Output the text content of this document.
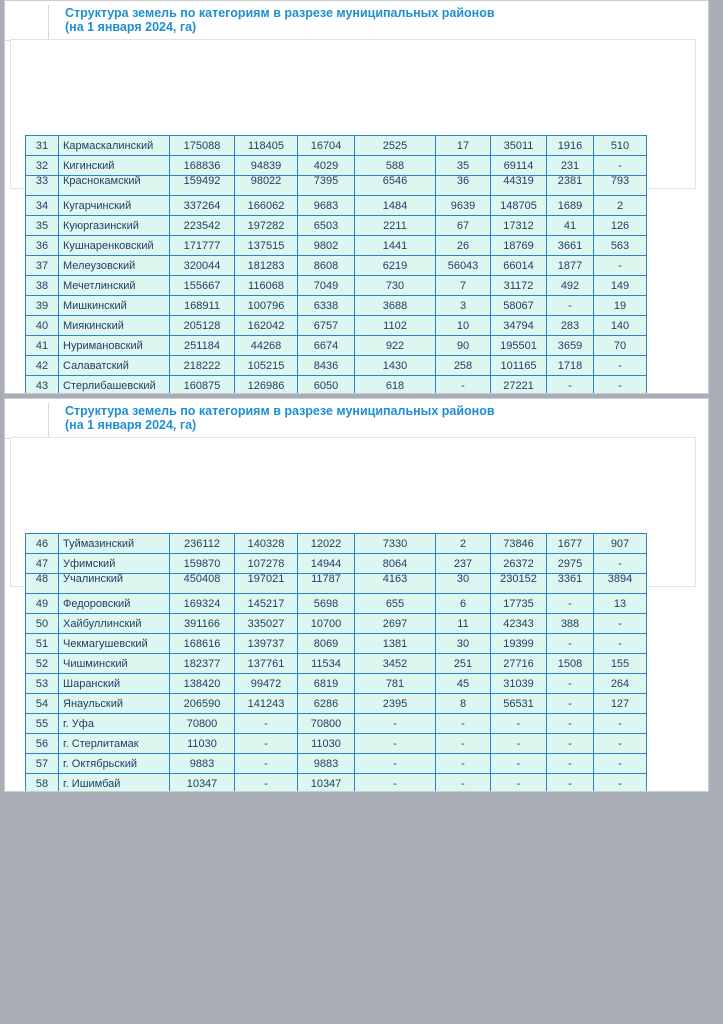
Структура земель по категориям в разрезе муниципальных районов
(на 1 января 2024, га)

31	Кармаскалинский	175088	118405	16704	2525	17	35011	1916	510
32	Кигинский	168836	94839	4029	588	35	69114	231	-
33	Краснокамский	159492	98022	7395	6546	36	44319	2381	793
34	Кугарчинский	337264	166062	9683	1484	9639	148705	1689	2
35	Куюргазинский	223542	197282	6503	2211	67	17312	41	126
36	Кушнаренковский	171777	137515	9802	1441	26	18769	3661	563
37	Мелеузовский	320044	181283	8608	6219	56043	66014	1877	-
38	Мечетлинский	155667	116068	7049	730	7	31172	492	149
39	Мишкинский	168911	100796	6338	3688	3	58067	-	19
40	Миякинский	205128	162042	6757	1102	10	34794	283	140
41	Нуримановский	251184	44268	6674	922	90	195501	3659	70
42	Салаватский	218222	105215	8436	1430	258	101165	1718	-
43	Стерлибашевский	160875	126986	6050	618	-	27221	-	-

Структура земель по категориям в разрезе муниципальных районов
(на 1 января 2024, га)

46	Туймазинский	236112	140328	12022	7330	2	73846	1677	907
47	Уфимский	159870	107278	14944	8064	237	26372	2975	-
48	Учалинский	450408	197021	11787	4163	30	230152	3361	3894
49	Федоровский	169324	145217	5698	655	6	17735	-	13
50	Хайбуллинский	391166	335027	10700	2697	11	42343	388	-
51	Чекмагушевский	168616	139737	8069	1381	30	19399	-	-
52	Чишминский	182377	137761	11534	3452	251	27716	1508	155
53	Шаранский	138420	99472	6819	781	45	31039	-	264
54	Янаульский	206590	141243	6286	2395	8	56531	-	127
55	г. Уфа	70800	-	70800	-	-	-	-	-
56	г. Стерлитамак	11030	-	11030	-	-	-	-	-
57	г. Октябрьский	9883	-	9883	-	-	-	-	-
58	г. Ишимбай	10347	-	10347	-	-	-	-	-
